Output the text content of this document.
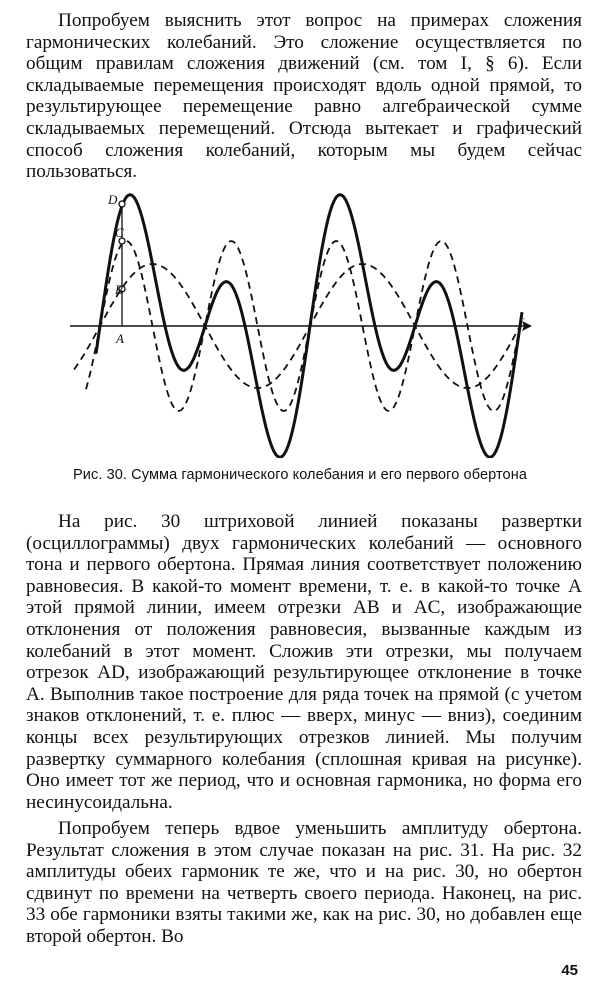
Попробуем выяснить этот вопрос на примерах сложения гармонических колебаний. Это сложение осуществляется по общим правилам сложения движений (см. том I, § 6). Если складываемые перемещения происходят вдоль одной прямой, то результирующее перемещение равно алгебраической сумме складываемых перемещений. Отсюда вытекает и графический способ сложения колебаний, которым мы будем сейчас пользоваться.

D
C
B
A
Рис. 30. Сумма гармонического колебания и его первого обертона

На рис. 30 штриховой линией показаны развертки (осциллограммы) двух гармонических колебаний — основного тона и первого обертона. Прямая линия соответствует положению равновесия. В какой-то момент времени, т. е. в какой-то точке A этой прямой линии, имеем отрезки AB и AC, изображающие отклонения от положения равновесия, вызванные каждым из колебаний в этот момент. Сложив эти отрезки, мы получаем отрезок AD, изображающий результирующее отклонение в точке A. Выполнив такое построение для ряда точек на прямой (с учетом знаков отклонений, т. е. плюс — вверх, минус — вниз), соединим концы всех результирующих отрезков линией. Мы получим развертку суммарного колебания (сплошная кривая на рисунке). Оно имеет тот же период, что и основная гармоника, но форма его несинусоидальна.

Попробуем теперь вдвое уменьшить амплитуду обертона. Результат сложения в этом случае показан на рис. 31. На рис. 32 амплитуды обеих гармоник те же, что и на рис. 30, но обертон сдвинут по времени на четверть своего периода. Наконец, на рис. 33 обе гармоники взяты такими же, как на рис. 30, но добавлен еще второй обертон. Во

45
